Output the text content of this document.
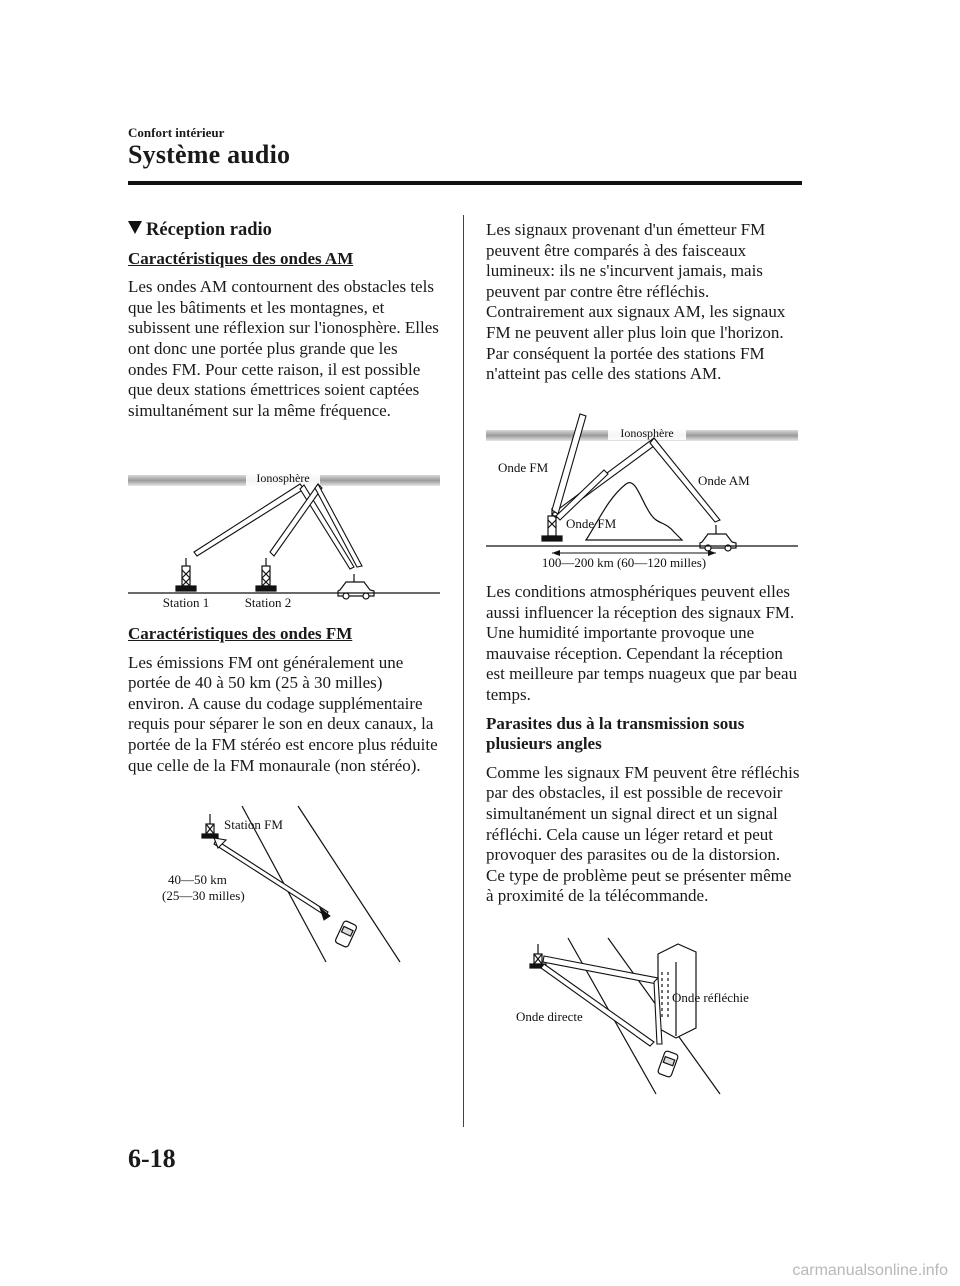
Confort intérieur
Système audio
Réception radio
Caractéristiques des ondes AM

Les ondes AM contournent des obstacles tels que les bâtiments et les montagnes, et subissent une réflexion sur l'ionosphère. Elles ont donc une portée plus grande que les ondes FM. Pour cette raison, il est possible que deux stations émettrices soient captées simultanément sur la même fréquence.

Ionosphère
Station 1	Station 2
Caractéristiques des ondes FM

Les émissions FM ont généralement une portée de 40 à 50 km (25 à 30 milles) environ. A cause du codage supplémentaire requis pour séparer le son en deux canaux, la portée de la FM stéréo est encore plus réduite que celle de la FM monaurale (non stéréo).

Station FM
40—50 km
(25—30 milles)

Les signaux provenant d'un émetteur FM peuvent être comparés à des faisceaux lumineux: ils ne s'incurvent jamais, mais peuvent par contre être réfléchis. Contrairement aux signaux AM, les signaux FM ne peuvent aller plus loin que l'horizon. Par conséquent la portée des stations FM n'atteint pas celle des stations AM.

Ionosphère
Onde FM
Onde AM
Onde FM
100—200 km (60—120 milles)

Les conditions atmosphériques peuvent elles aussi influencer la réception des signaux FM. Une humidité importante provoque une mauvaise réception. Cependant la réception est meilleure par temps nuageux que par beau temps.

Parasites dus à la transmission sous plusieurs angles

Comme les signaux FM peuvent être réfléchis par des obstacles, il est possible de recevoir simultanément un signal direct et un signal réfléchi. Cela cause un léger retard et peut provoquer des parasites ou de la distorsion. Ce type de problème peut se présenter même à proximité de la télécommande.

Onde réfléchie
Onde directe
6-18
carmanualsonline.info
